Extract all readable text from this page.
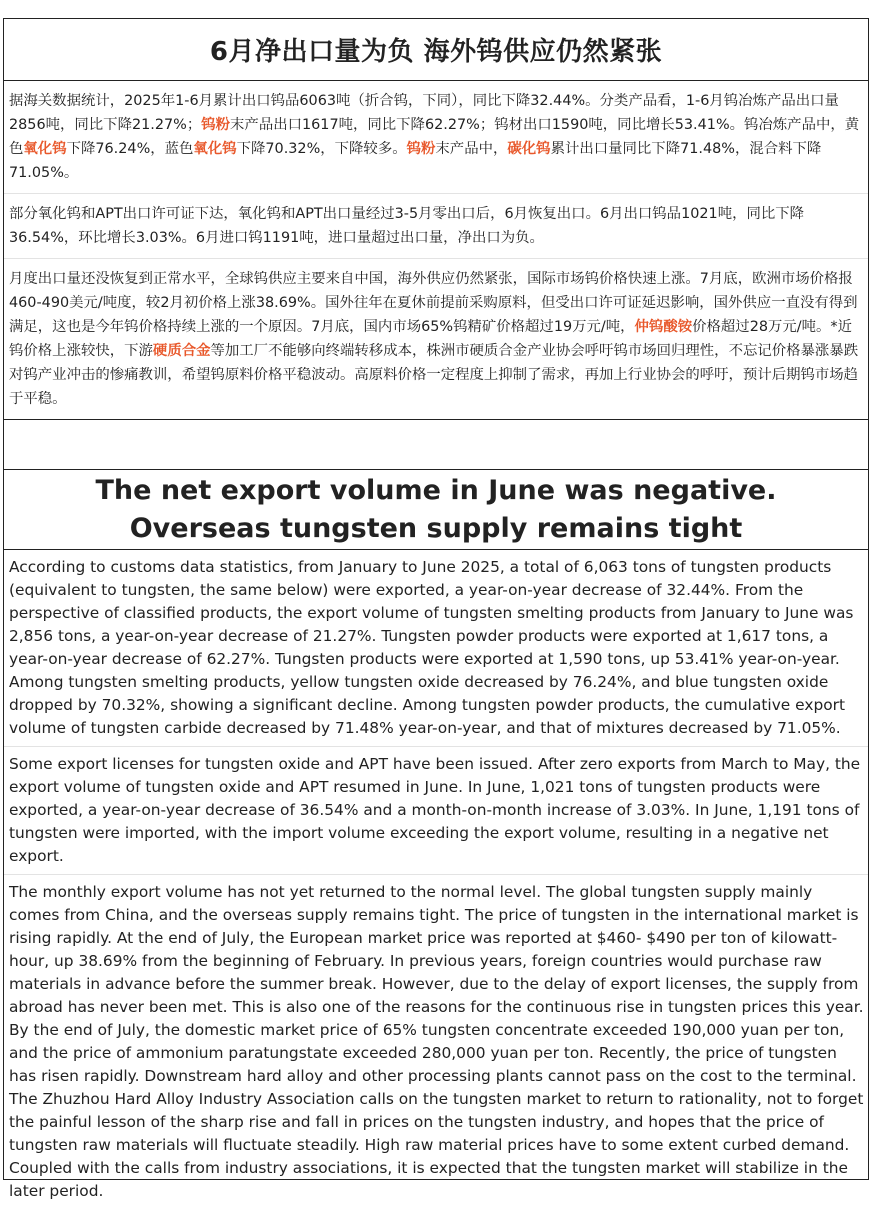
6月净出口量为负 海外钨供应仍然紧张
据海关数据统计，2025年1-6月累计出口钨品6063吨（折合钨，下同），同比下降32.44%。分类产品看，1-6月钨冶炼产品出口量2856吨，同比下降21.27%；钨粉末产品出口1617吨，同比下降62.27%；钨材出口1590吨，同比增长53.41%。钨冶炼产品中，黄色氧化钨下降76.24%，蓝色氧化钨下降70.32%，下降较多。钨粉末产品中，碳化钨累计出口量同比下降71.48%，混合料下降71.05%。
部分氧化钨和APT出口许可证下达，氧化钨和APT出口量经过3-5月零出口后，6月恢复出口。6月出口钨品1021吨，同比下降36.54%，环比增长3.03%。6月进口钨1191吨，进口量超过出口量，净出口为负。
月度出口量还没恢复到正常水平，全球钨供应主要来自中国，海外供应仍然紧张，国际市场钨价格快速上涨。7月底，欧洲市场价格报460-490美元/吨度，较2月初价格上涨38.69%。国外往年在夏休前提前采购原料，但受出口许可证延迟影响，国外供应一直没有得到满足，这也是今年钨价格持续上涨的一个原因。7月底，国内市场65%钨精矿价格超过19万元/吨，仲钨酸铵价格超过28万元/吨。*近钨价格上涨较快，下游硬质合金等加工厂不能够向终端转移成本，株洲市硬质合金产业协会呼吁钨市场回归理性，不忘记价格暴涨暴跌对钨产业冲击的惨痛教训，希望钨原料价格平稳波动。高原料价格一定程度上抑制了需求，再加上行业协会的呼吁，预计后期钨市场趋于平稳。
The net export volume in June was negative. Overseas tungsten supply remains tight
According to customs data statistics, from January to June 2025, a total of 6,063 tons of tungsten products (equivalent to tungsten, the same below) were exported, a year-on-year decrease of 32.44%. From the perspective of classified products, the export volume of tungsten smelting products from January to June was 2,856 tons, a year-on-year decrease of 21.27%. Tungsten powder products were exported at 1,617 tons, a year-on-year decrease of 62.27%. Tungsten products were exported at 1,590 tons, up 53.41% year-on-year. Among tungsten smelting products, yellow tungsten oxide decreased by 76.24%, and blue tungsten oxide dropped by 70.32%, showing a significant decline. Among tungsten powder products, the cumulative export volume of tungsten carbide decreased by 71.48% year-on-year, and that of mixtures decreased by 71.05%.
Some export licenses for tungsten oxide and APT have been issued. After zero exports from March to May, the export volume of tungsten oxide and APT resumed in June. In June, 1,021 tons of tungsten products were exported, a year-on-year decrease of 36.54% and a month-on-month increase of 3.03%. In June, 1,191 tons of tungsten were imported, with the import volume exceeding the export volume, resulting in a negative net export.
The monthly export volume has not yet returned to the normal level. The global tungsten supply mainly comes from China, and the overseas supply remains tight. The price of tungsten in the international market is rising rapidly. At the end of July, the European market price was reported at $460- $490 per ton of kilowatt-hour, up 38.69% from the beginning of February. In previous years, foreign countries would purchase raw materials in advance before the summer break. However, due to the delay of export licenses, the supply from abroad has never been met. This is also one of the reasons for the continuous rise in tungsten prices this year. By the end of July, the domestic market price of 65% tungsten concentrate exceeded 190,000 yuan per ton, and the price of ammonium paratungstate exceeded 280,000 yuan per ton. Recently, the price of tungsten has risen rapidly. Downstream hard alloy and other processing plants cannot pass on the cost to the terminal. The Zhuzhou Hard Alloy Industry Association calls on the tungsten market to return to rationality, not to forget the painful lesson of the sharp rise and fall in prices on the tungsten industry, and hopes that the price of tungsten raw materials will fluctuate steadily. High raw material prices have to some extent curbed demand. Coupled with the calls from industry associations, it is expected that the tungsten market will stabilize in the later period.
